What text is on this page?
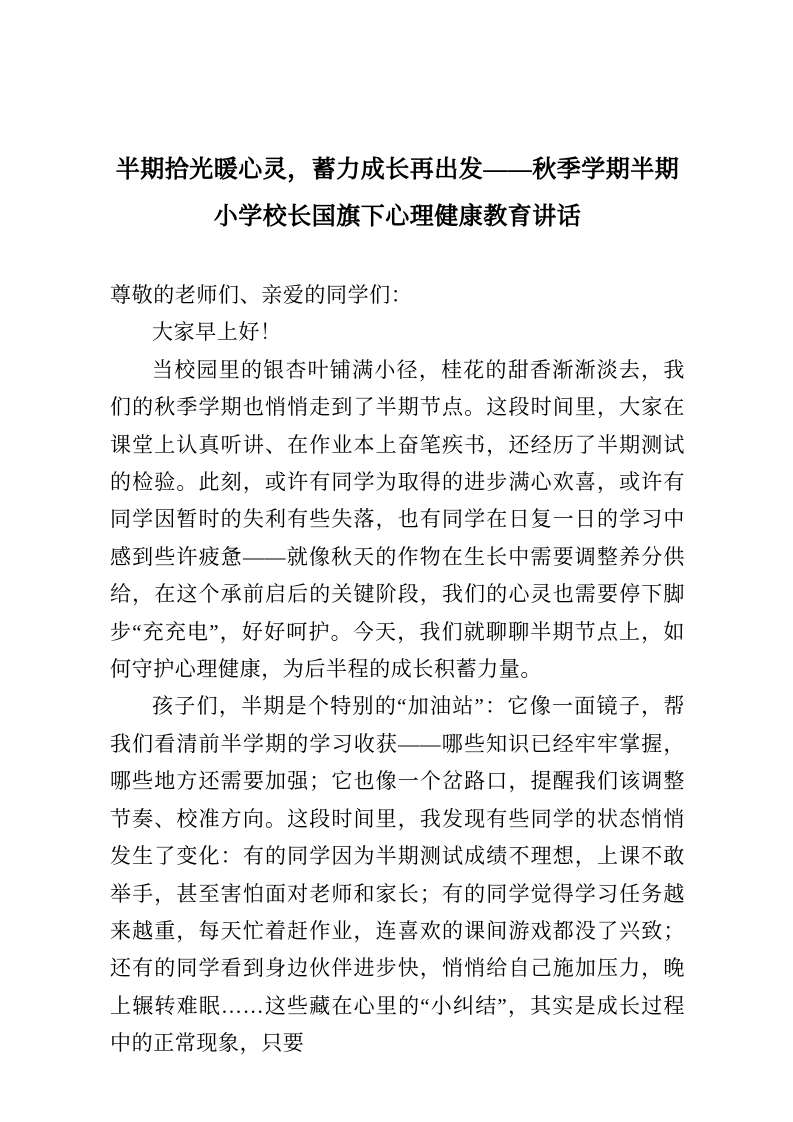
半期拾光暖心灵，蓄力成长再出发——秋季学期半期小学校长国旗下心理健康教育讲话

尊敬的老师们、亲爱的同学们：

大家早上好！

当校园里的银杏叶铺满小径，桂花的甜香渐渐淡去，我们的秋季学期也悄悄走到了半期节点。这段时间里，大家在课堂上认真听讲、在作业本上奋笔疾书，还经历了半期测试的检验。此刻，或许有同学为取得的进步满心欢喜，或许有同学因暂时的失利有些失落，也有同学在日复一日的学习中感到些许疲惫——就像秋天的作物在生长中需要调整养分供给，在这个承前启后的关键阶段，我们的心灵也需要停下脚步“充充电”，好好呵护。今天，我们就聊聊半期节点上，如何守护心理健康，为后半程的成长积蓄力量。

孩子们，半期是个特别的“加油站”：它像一面镜子，帮我们看清前半学期的学习收获——哪些知识已经牢牢掌握，哪些地方还需要加强；它也像一个岔路口，提醒我们该调整节奏、校准方向。这段时间里，我发现有些同学的状态悄悄发生了变化：有的同学因为半期测试成绩不理想，上课不敢举手，甚至害怕面对老师和家长；有的同学觉得学习任务越来越重，每天忙着赶作业，连喜欢的课间游戏都没了兴致；还有的同学看到身边伙伴进步快，悄悄给自己施加压力，晚上辗转难眠……这些藏在心里的“小纠结”，其实是成长过程中的正常现象，只要
